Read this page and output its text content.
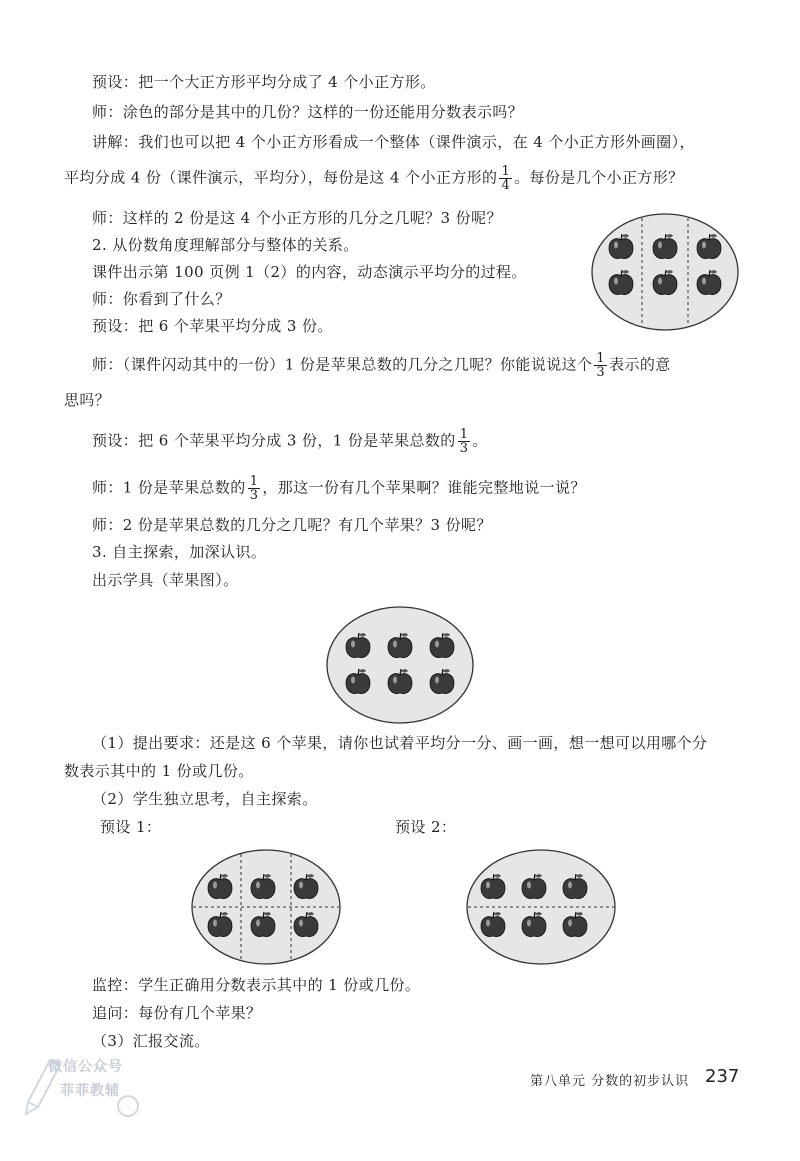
预设：把一个大正方形平均分成了 4 个小正方形。
师：涂色的部分是其中的几份？这样的一份还能用分数表示吗？
讲解：我们也可以把 4 个小正方形看成一个整体（课件演示，在 4 个小正方形外画圈），
平均分成 4 份（课件演示，平均分），每份是这 4 个小正方形的 $\frac{1}{4}$ 。每份是几个小正方形？
师：这样的 2 份是这 4 个小正方形的几分之几呢？3 份呢？
2. 从份数角度理解部分与整体的关系。
课件出示第 100 页例 1（2）的内容，动态演示平均分的过程。
师：你看到了什么？
预设：把 6 个苹果平均分成 3 份。
师：（课件闪动其中的一份）1 份是苹果总数的几分之几呢？你能说说这个 $\frac{1}{3}$ 表示的意
思吗？
预设：把 6 个苹果平均分成 3 份，1 份是苹果总数的 $\frac{1}{3}$ 。
师：1 份是苹果总数的 $\frac{1}{3}$ ，那这一份有几个苹果啊？谁能完整地说一说？
师：2 份是苹果总数的几分之几呢？有几个苹果？3 份呢？
3. 自主探索，加深认识。
出示学具（苹果图）。
（1）提出要求：还是这 6 个苹果，请你也试着平均分一分、画一画，想一想可以用哪个分
数表示其中的 1 份或几份。
（2）学生独立思考，自主探索。
预设 1：	预设 2：
监控：学生正确用分数表示其中的 1 份或几份。
追问：每份有几个苹果？
（3）汇报交流。
第八单元 分数的初步认识 237
微信公众号
菲菲教辅
